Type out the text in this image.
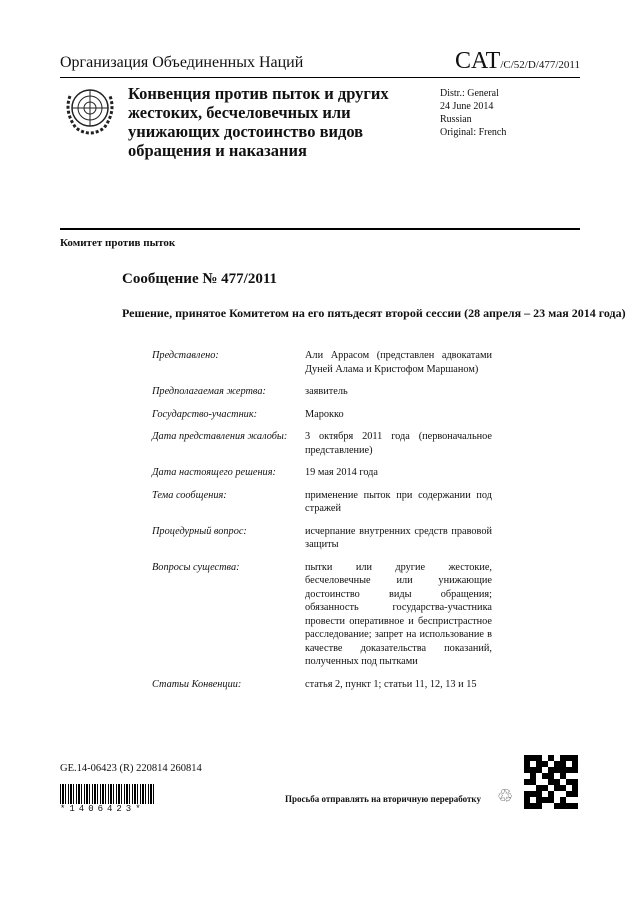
Организация Объединенных Наций	CAT/C/52/D/477/2011
Конвенция против пыток и других жестоких, бесчеловечных или унижающих достоинство видов обращения и наказания
Distr.: General
24 June 2014
Russian
Original: French
Комитет против пыток
Сообщение № 477/2011
Решение, принятое Комитетом на его пятьдесят второй сессии (28 апреля – 23 мая 2014 года)
Представлено:	Али Аррасом (представлен адвокатами Дуней Алама и Кристофом Маршаном)
Предполагаемая жертва:	заявитель
Государство-участник:	Марокко
Дата представления жалобы:	3 октября 2011 года (первоначальное представление)
Дата настоящего решения:	19 мая 2014 года
Тема сообщения:	применение пыток при содержании под стражей
Процедурный вопрос:	исчерпание внутренних средств правовой защиты
Вопросы существа:	пытки или другие жестокие, бесчеловечные или унижающие достоинство виды обращения; обязанность государства-участника провести оперативное и беспристрастное расследование; запрет на использование в качестве доказательства показаний, полученных под пытками
Статьи Конвенции:	статья 2, пункт 1; статьи 11, 12, 13 и 15
GE.14-06423 (R) 220814 260814
*1406423*
Просьба отправлять на вторичную переработку ♲
